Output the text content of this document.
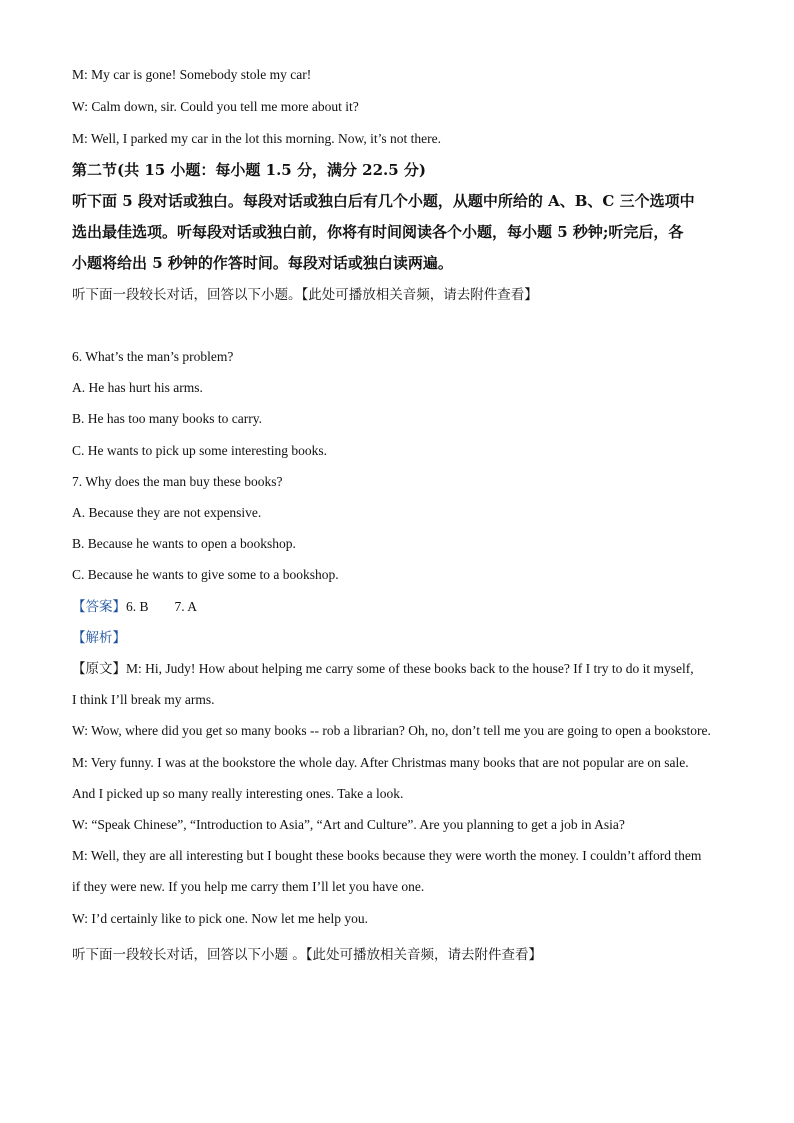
M: My car is gone! Somebody stole my car!
W: Calm down, sir. Could you tell me more about it?
M: Well, I parked my car in the lot this morning. Now, it’s not there.
第二节(共 15 小题：每小题 1.5 分，满分 22.5 分)
听下面 5 段对话或独白。每段对话或独白后有几个小题，从题中所给的 A、B、C 三个选项中
选出最佳选项。听每段对话或独白前，你将有时间阅读各个小题，每小题 5 秒钟;听完后，各
小题将给出 5 秒钟的作答时间。每段对话或独白读两遍。
听下面一段较长对话，回答以下小题。【此处可播放相关音频，请去附件查看】
6. What’s the man’s problem?
A. He has hurt his arms.
B. He has too many books to carry.
C. He wants to pick up some interesting books.
7. Why does the man buy these books?
A. Because they are not expensive.
B. Because he wants to open a bookshop.
C. Because he wants to give some to a bookshop.
【答案】6. B 7. A
【解析】
【原文】M: Hi, Judy! How about helping me carry some of these books back to the house? If I try to do it myself,
I think I’ll break my arms.
W: Wow, where did you get so many books -- rob a librarian? Oh, no, don’t tell me you are going to open a bookstore.
M: Very funny. I was at the bookstore the whole day. After Christmas many books that are not popular are on sale.
And I picked up so many really interesting ones. Take a look.
W: “Speak Chinese”, “Introduction to Asia”, “Art and Culture”. Are you planning to get a job in Asia?
M: Well, they are all interesting but I bought these books because they were worth the money. I couldn’t afford them
if they were new. If you help me carry them I’ll let you have one.
W: I’d certainly like to pick one. Now let me help you.
听下面一段较长对话，回答以下小题 。【此处可播放相关音频，请去附件查看】
